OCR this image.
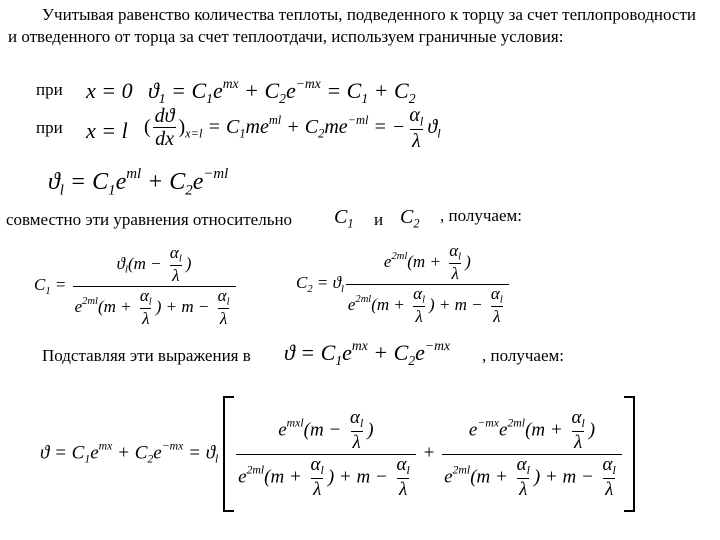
Учитывая равенство количества теплоты, подведенного к торцу за счет теплопроводности и отведенного от торца за счет теплоотдачи, используем граничные условия:
при x = 0 $ϑ_1 = C_1e^{mx} + C_2e^{-mx} = C_1 + C_2$
при x = l ( $\frac{dϑ}{dx} )_{x=l} = C_1me^{ml} + C_2me^{-ml}$ = − $\frac{\alpha_l}{\lambda} ϑ_l$
$ϑ_l = C_1e^{ml} + C_2e^{-ml}$
совместно эти уравнения относительно $C_1$ и $C_2$ , получаем:
$C_1 = \frac{ϑ_l(m - \frac{\alpha_l}{\lambda} )}{e^{2ml}(m + \frac{\alpha_l}{\lambda} ) + m - \frac{\alpha_l}{\lambda}}$	$C_2 = ϑ_l \frac{e^{2ml}(m + \frac{\alpha_l}{\lambda} )}{e^{2ml}(m + \frac{\alpha_l}{\lambda} ) + m - \frac{\alpha_l}{\lambda}}$
Подставляя эти выражения в $ϑ = C_1e^{mx} + C_2e^{-mx}$
, получаем:
$ϑ = C_1e^{mx} + C_2e^{-mx} = ϑ_l \frac{e^{mxl}(m - \frac{\alpha_l}{\lambda} )}{e^{2ml}(m + \frac{\alpha_l}{\lambda} ) + m - \frac{\alpha_l}{\lambda}} + \frac{e^{-mx}e^{2ml}(m + \frac{\alpha_l}{\lambda} )}{e^{2ml}(m + \frac{\alpha_l}{\lambda} ) + m - \frac{\alpha_l}{\lambda}}$
